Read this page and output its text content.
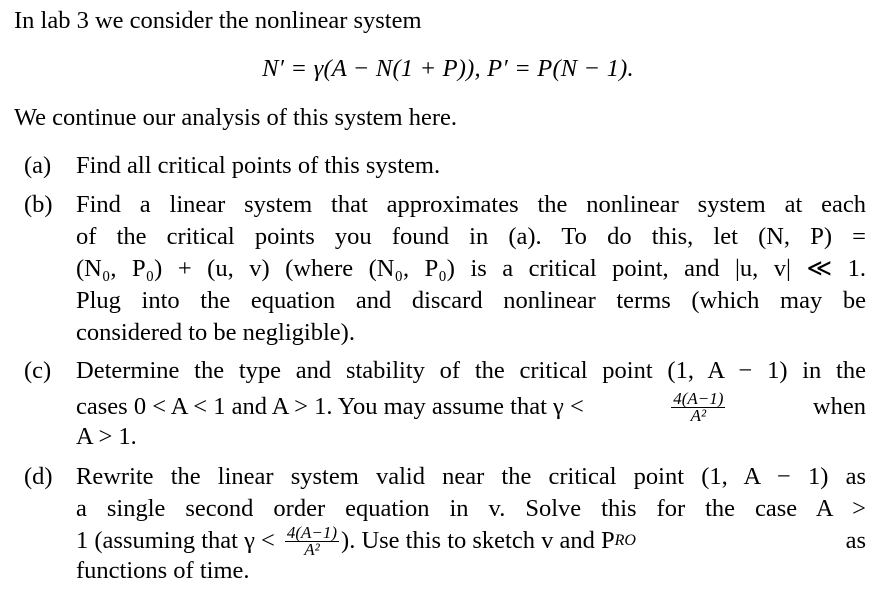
In lab 3 we consider the nonlinear system
N′ = γ(A − N(1 + P)), P′ = P(N − 1).
We continue our analysis of this system here.
(a) Find all critical points of this system.
(b) Find a linear system that approximates the nonlinear system at each
of the critical points you found in (a). To do this, let (N, P) =
(N₀, P₀) + (u, v) (where (N₀, P₀) is a critical point, and |u, v| ≪ 1.
Plug into the equation and discard nonlinear terms (which may be
considered to be negligible).
(c) Determine the type and stability of the critical point (1, A − 1) in the
cases 0 < A < 1 and A > 1. You may assume that γ <	$\frac{4(A-1)}{\text{A²}}$	when
A > 1.
(d) Rewrite the linear system valid near the critical point (1, A − 1) as
a single second order equation in v. Solve this for the case A >
1 (assuming that $\gamma < \frac{4(A-1)}{\text{A²}}$ ). Use this to sketch v and P RO	as
functions of time.
